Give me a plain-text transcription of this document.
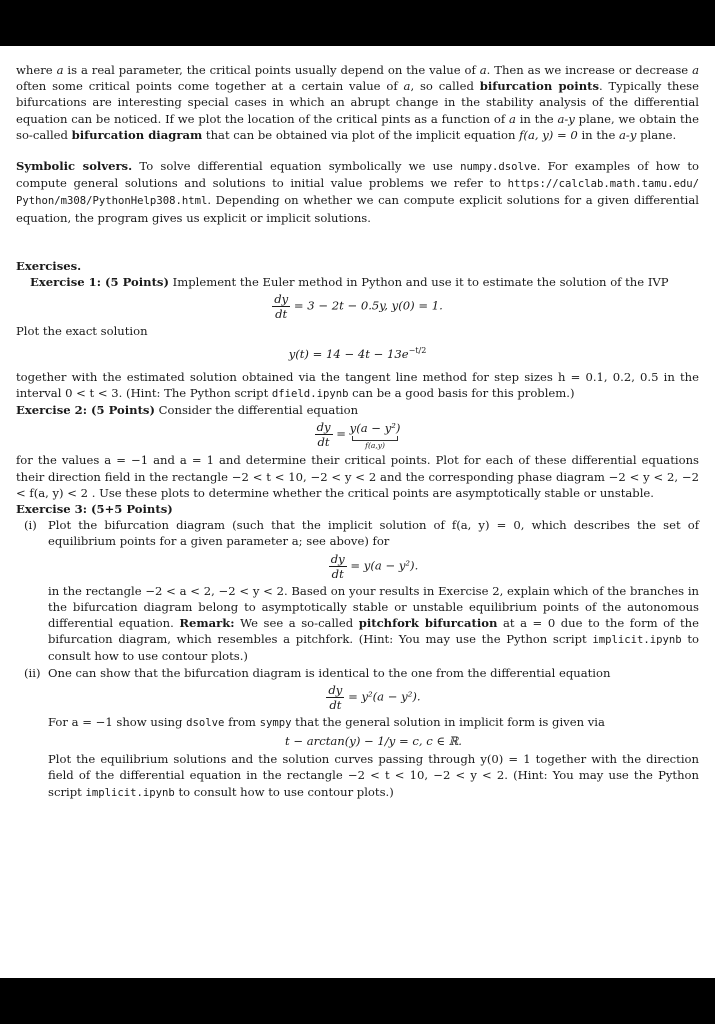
where a is a real parameter, the critical points usually depend on the value of a. Then as we increase or decrease a often some critical points come together at a certain value of a, so called bifurcation points. Typically these bifurcations are interesting special cases in which an abrupt change in the stability analysis of the differential equation can be noticed. If we plot the location of the critical pints as a function of a in the a-y plane, we obtain the so-called bifurcation diagram that can be obtained via plot of the implicit equation f(a, y) = 0 in the a-y plane.

Symbolic solvers. To solve differential equation symbolically we use numpy.dsolve. For examples of how to compute general solutions and solutions to initial value problems we refer to https://calclab.math.tamu.edu/ Python/m308/PythonHelp308.html. Depending on whether we can compute explicit solutions for a given differential equation, the program gives us explicit or implicit solutions.

Exercises.

Exercise 1: (5 Points) Implement the Euler method in Python and use it to estimate the solution of the IVP

$\frac{dy}{dt} = 3 - 2t - 0.5y$, y(0) = 1.

Plot the exact solution

$y(t) = 14 - 4t - 13e^{-t/2}$

together with the estimated solution obtained via the tangent line method for step sizes h = 0.1, 0.2, 0.5 in the interval 0 < t < 3. (Hint: The Python script dfield.ipynb can be a good basis for this problem.)

Exercise 2: (5 Points) Consider the differential equation

$\frac{dy}{dt} = y(a - y^2)$
f(a,y)

for the values a = −1 and a = 1 and determine their critical points. Plot for each of these differential equations their direction field in the rectangle −2 < t < 10, −2 < y < 2 and the corresponding phase diagram −2 < y < 2, −2 < f(a, y) < 2 . Use these plots to determine whether the critical points are asymptotically stable or unstable.

Exercise 3: (5+5 Points)

(i) Plot the bifurcation diagram (such that the implicit solution of f(a, y) = 0, which describes the set of equilibrium points for a given parameter a; see above) for

$\frac{dy}{dt} = y(a - y^2)$.

in the rectangle −2 < a < 2, −2 < y < 2. Based on your results in Exercise 2, explain which of the branches in the bifurcation diagram belong to asymptotically stable or unstable equilibrium points of the autonomous differential equation. Remark: We see a so-called pitchfork bifurcation at a = 0 due to the form of the bifurcation diagram, which resembles a pitchfork. (Hint: You may use the Python script implicit.ipynb to consult how to use contour plots.)

(ii) One can show that the bifurcation diagram is identical to the one from the differential equation

$\frac{dy}{dt} = y^2(a - y^2)$.

For a = −1 show using dsolve from sympy that the general solution in implicit form is given via

t − arctan(y) − 1/y = c, c ∈ ℝ.

Plot the equilibrium solutions and the solution curves passing through y(0) = 1 together with the direction field of the differential equation in the rectangle −2 < t < 10, −2 < y < 2. (Hint: You may use the Python script implicit.ipynb to consult how to use contour plots.)
